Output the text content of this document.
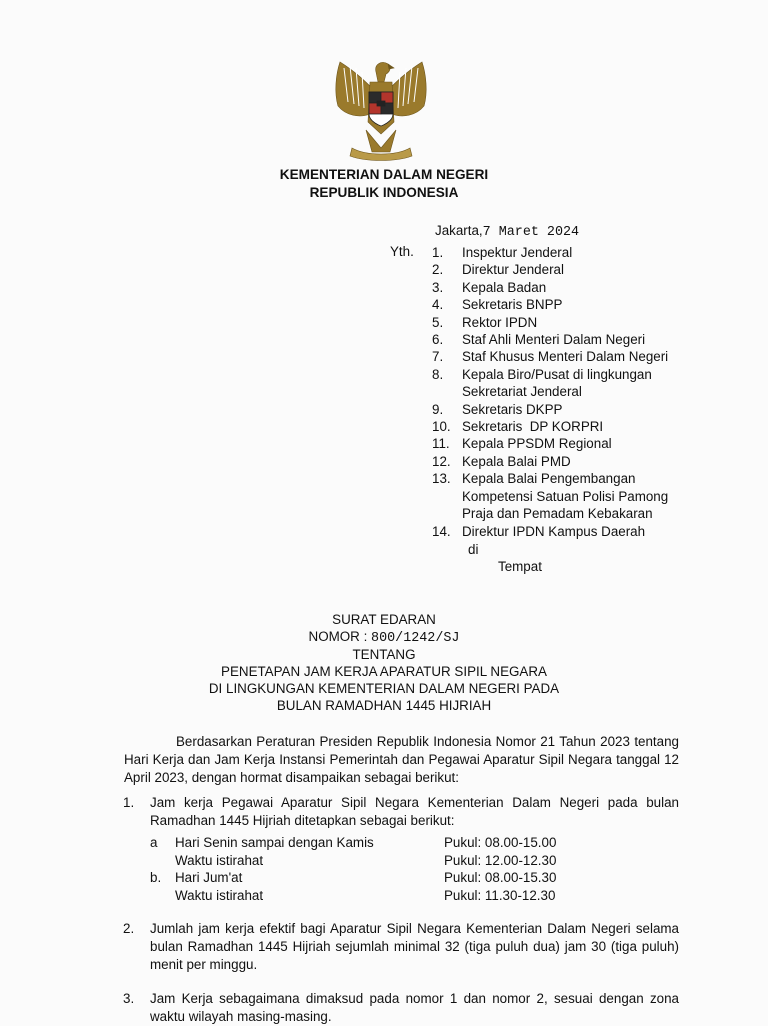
KEMENTERIAN DALAM NEGERI
REPUBLIK INDONESIA
Jakarta,7 Maret 2024
Yth. 1.	Inspektur Jenderal
2.	Direktur Jenderal
3.	Kepala Badan
4.	Sekretaris BNPP
5.	Rektor IPDN
6.	Staf Ahli Menteri Dalam Negeri
7.	Staf Khusus Menteri Dalam Negeri
8.	Kepala Biro/Pusat di lingkungan
Sekretariat Jenderal
9.	Sekretaris DKPP
10. Sekretaris  DP KORPRI
11. Kepala PPSDM Regional
12. Kepala Balai PMD
13. Kepala Balai Pengembangan
Kompetensi Satuan Polisi Pamong
Praja dan Pemadam Kebakaran
14. Direktur IPDN Kampus Daerah
di
Tempat
SURAT EDARAN
NOMOR : 800/1242/SJ
TENTANG
PENETAPAN JAM KERJA APARATUR SIPIL NEGARA
DI LINGKUNGAN KEMENTERIAN DALAM NEGERI PADA
BULAN RAMADHAN 1445 HIJRIAH

Berdasarkan Peraturan Presiden Republik Indonesia Nomor 21 Tahun 2023 tentang Hari Kerja dan Jam Kerja Instansi Pemerintah dan Pegawai Aparatur Sipil Negara tanggal 12 April 2023, dengan hormat disampaikan sebagai berikut:

1.	Jam kerja Pegawai Aparatur Sipil Negara Kementerian Dalam Negeri pada bulan Ramadhan 1445 Hijriah ditetapkan sebagai berikut:
a	Hari Senin sampai dengan Kamis	Pukul: 08.00-15.00
Waktu istirahat	Pukul: 12.00-12.30
b.	Hari Jum'at	Pukul: 08.00-15.30
Waktu istirahat	Pukul: 11.30-12.30
2.	Jumlah jam kerja efektif bagi Aparatur Sipil Negara Kementerian Dalam Negeri selama bulan Ramadhan 1445 Hijriah sejumlah minimal 32 (tiga puluh dua) jam 30 (tiga puluh) menit per minggu.
3.	Jam Kerja sebagaimana dimaksud pada nomor 1 dan nomor 2, sesuai dengan zona waktu wilayah masing-masing.
